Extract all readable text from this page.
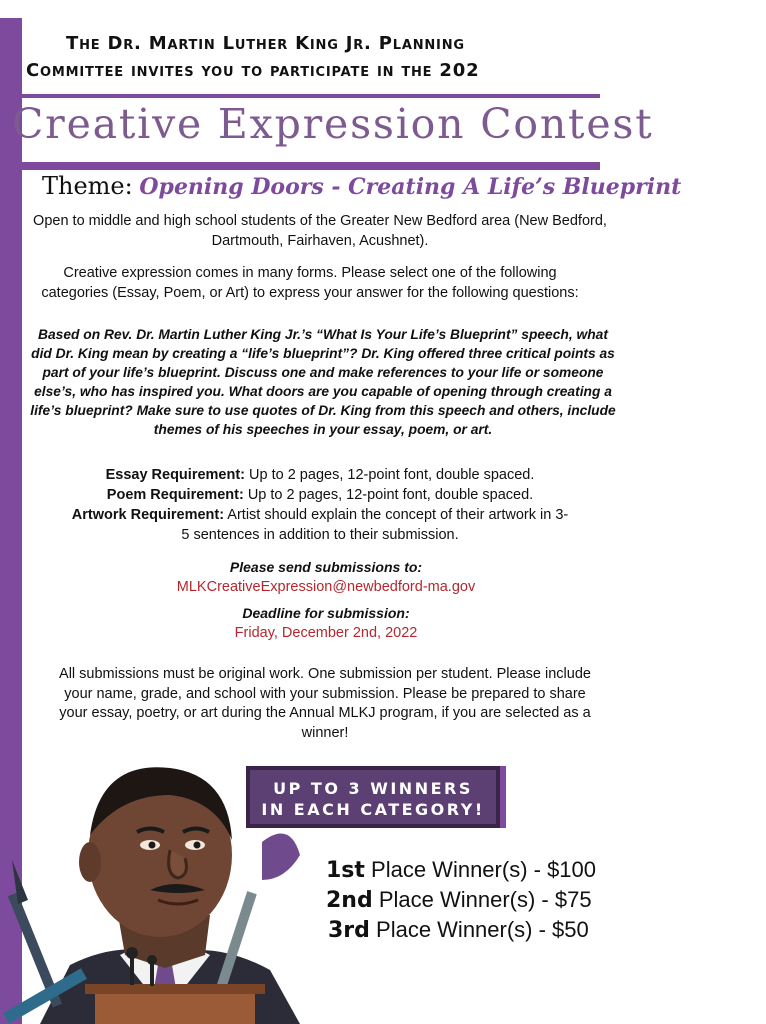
The Dr. Martin Luther King Jr. Planning
Committee invites you to participate in the 202
Creative Expression Contest
Theme: Opening Doors - Creating A Life’s Blueprint
Open to middle and high school students of the Greater New Bedford area (New Bedford, Dartmouth, Fairhaven, Acushnet).
Creative expression comes in many forms. Please select one of the following categories (Essay, Poem, or Art) to express your answer for the following questions:
Based on Rev. Dr. Martin Luther King Jr.’s “What Is Your Life’s Blueprint” speech, what did Dr. King mean by creating a “life’s blueprint”? Dr. King offered three critical points as part of your life’s blueprint. Discuss one and make references to your life or someone else’s, who has inspired you. What doors are you capable of opening through creating a life’s blueprint? Make sure to use quotes of Dr. King from this speech and others, include themes of his speeches in your essay, poem, or art.
Essay Requirement: Up to 2 pages, 12-point font, double spaced.
Poem Requirement: Up to 2 pages, 12-point font, double spaced.
Artwork Requirement: Artist should explain the concept of their artwork in 3-5 sentences in addition to their submission.
Please send submissions to:
MLKCreativeExpression@newbedford-ma.gov
Deadline for submission:
Friday, December 2nd, 2022
All submissions must be original work. One submission per student. Please include your name, grade, and school with your submission. Please be prepared to share your essay, poetry, or art during the Annual MLKJ program, if you are selected as a winner!
UP TO 3 WINNERS
IN EACH CATEGORY!
1st Place Winner(s) - $100
2nd Place Winner(s) - $75
3rd Place Winner(s) - $50
